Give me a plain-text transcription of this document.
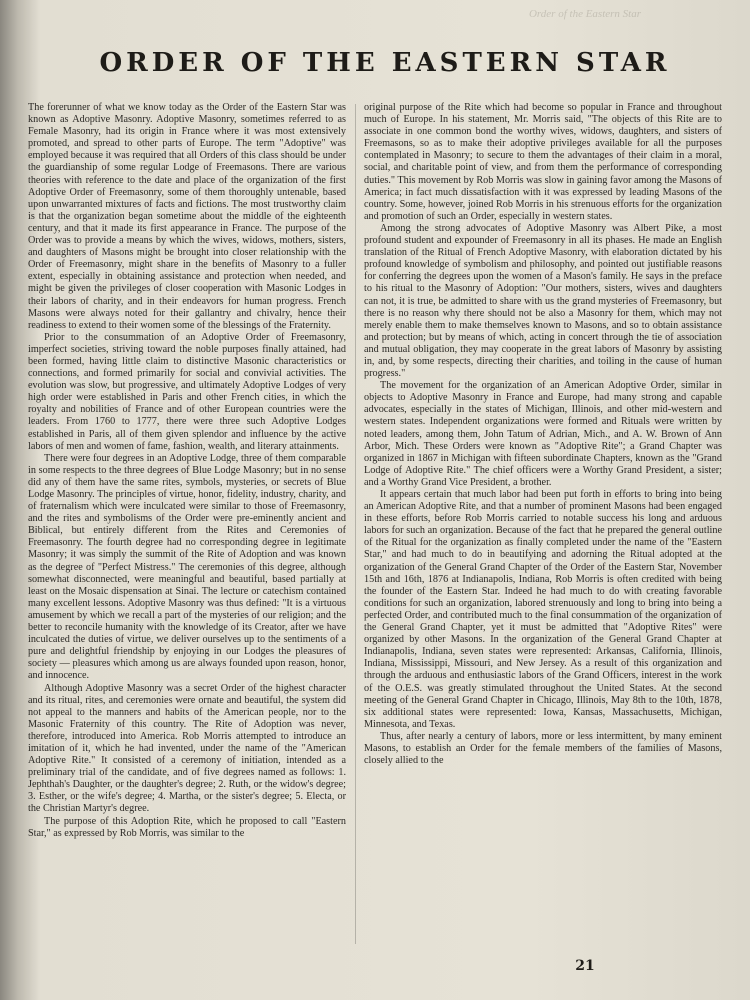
Order of the Eastern Star
ORDER OF THE EASTERN STAR

The forerunner of what we know today as the Order of the Eastern Star was known as Adoptive Masonry. Adoptive Masonry, sometimes referred to as Female Masonry, had its origin in France where it was most extensively promoted, and spread to other parts of Europe. The term "Adoptive" was employed because it was required that all Orders of this class should be under the guardianship of some regular Lodge of Freemasons. There are various theories with reference to the date and place of the organization of the first Adoptive Order of Freemasonry, some of them thoroughly untenable, based upon unwarranted mixtures of facts and fictions. The most trustworthy claim is that the organization began sometime about the middle of the eighteenth century, and that it made its first appearance in France. The purpose of the Order was to provide a means by which the wives, widows, mothers, sisters, and daughters of Masons might be brought into closer relationship with the Order of Freemasonry, might share in the benefits of Masonry to a fuller extent, especially in obtaining assistance and protection when needed, and might be given the privileges of closer cooperation with Masonic Lodges in their labors of charity, and in their endeavors for human progress. French Masons were always noted for their gallantry and chivalry, hence their readiness to extend to their women some of the blessings of the Fraternity.

Prior to the consummation of an Adoptive Order of Freemasonry, imperfect societies, striving toward the noble purposes finally attained, had been formed, having little claim to distinctive Masonic characteristics or connections, and formed primarily for social and convivial activities. The evolution was slow, but progressive, and ultimately Adoptive Lodges of very high order were established in Paris and other French cities, in which the royalty and nobilities of France and of other European countries were the leaders. From 1760 to 1777, there were three such Adoptive Lodges established in Paris, all of them given splendor and influence by the active labors of men and women of fame, fashion, wealth, and literary attainments.

There were four degrees in an Adoptive Lodge, three of them comparable in some respects to the three degrees of Blue Lodge Masonry; but in no sense did any of them have the same rites, symbols, mysteries, or secrets of Blue Lodge Masonry. The principles of virtue, honor, fidelity, industry, charity, and of fraternalism which were inculcated were similar to those of Freemasonry, and the rites and symbolisms of the Order were pre-eminently ancient and Biblical, but entirely different from the Rites and Ceremonies of Freemasonry. The fourth degree had no corresponding degree in legitimate Masonry; it was simply the summit of the Rite of Adoption and was known as the degree of "Perfect Mistress." The ceremonies of this degree, although somewhat disconnected, were meaningful and beautiful, based partially at least on the Mosaic dispensation at Sinai. The lecture or catechism contained many excellent lessons. Adoptive Masonry was thus defined: "It is a virtuous amusement by which we recall a part of the mysteries of our religion; and the better to reconcile humanity with the knowledge of its Creator, after we have inculcated the duties of virtue, we deliver ourselves up to the sentiments of a pure and delightful friendship by enjoying in our Lodges the pleasures of society — pleasures which among us are always founded upon reason, honor, and innocence.

Although Adoptive Masonry was a secret Order of the highest character and its ritual, rites, and ceremonies were ornate and beautiful, the system did not appeal to the manners and habits of the American people, nor to the Masonic Fraternity of this country. The Rite of Adoption was never, therefore, introduced into America. Rob Morris attempted to introduce an imitation of it, which he had invented, under the name of the "American Adoptive Rite." It consisted of a ceremony of initiation, intended as a preliminary trial of the candidate, and of five degrees named as follows: 1. Jephthah's Daughter, or the daughter's degree; 2. Ruth, or the widow's degree; 3. Esther, or the wife's degree; 4. Martha, or the sister's degree; 5. Electa, or the Christian Martyr's degree.

The purpose of this Adoption Rite, which he proposed to call "Eastern Star," as expressed by Rob Morris, was similar to the

original purpose of the Rite which had become so popular in France and throughout much of Europe. In his statement, Mr. Morris said, "The objects of this Rite are to associate in one common bond the worthy wives, widows, daughters, and sisters of Freemasons, so as to make their adoptive privileges available for all the purposes contemplated in Masonry; to secure to them the advantages of their claim in a moral, social, and charitable point of view, and from them the performance of corresponding duties." This movement by Rob Morris was slow in gaining favor among the Masons of America; in fact much dissatisfaction with it was expressed by leading Masons of the country. Some, however, joined Rob Morris in his strenuous efforts for the organization and promotion of such an Order, especially in western states.

Among the strong advocates of Adoptive Masonry was Albert Pike, a most profound student and expounder of Freemasonry in all its phases. He made an English translation of the Ritual of French Adoptive Masonry, with elaboration dictated by his profound knowledge of symbolism and philosophy, and pointed out justifiable reasons for conferring the degrees upon the women of a Mason's family. He says in the preface to his ritual to the Masonry of Adoption: "Our mothers, sisters, wives and daughters can not, it is true, be admitted to share with us the grand mysteries of Freemasonry, but there is no reason why there should not be also a Masonry for them, which may not merely enable them to make themselves known to Masons, and so to obtain assistance and protection; but by means of which, acting in concert through the tie of association and mutual obligation, they may cooperate in the great labors of Masonry by assisting in, and, by some respects, directing their charities, and toiling in the cause of human progress."

The movement for the organization of an American Adoptive Order, similar in objects to Adoptive Masonry in France and Europe, had many strong and capable advocates, especially in the states of Michigan, Illinois, and other mid-western and western states. Independent organizations were formed and Rituals were written by noted leaders, among them, John Tatum of Adrian, Mich., and A. W. Brown of Ann Arbor, Mich. These Orders were known as "Adoptive Rite"; a Grand Chapter was organized in 1867 in Michigan with fifteen subordinate Chapters, known as the "Grand Lodge of Adoptive Rite." The chief officers were a Worthy Grand President, a sister; and a Worthy Grand Vice President, a brother.

It appears certain that much labor had been put forth in efforts to bring into being an American Adoptive Rite, and that a number of prominent Masons had been engaged in these efforts, before Rob Morris carried to notable success his long and arduous labors for such an organization. Because of the fact that he prepared the general outline of the Ritual for the organization as finally completed under the name of the "Eastern Star," and had much to do in beautifying and adorning the Ritual adopted at the organization of the General Grand Chapter of the Order of the Eastern Star, November 15th and 16th, 1876 at Indianapolis, Indiana, Rob Morris is often credited with being the founder of the Eastern Star. Indeed he had much to do with creating favorable conditions for such an organization, labored strenuously and long to bring into being a perfected Order, and contributed much to the final consummation of the organization of the General Grand Chapter, yet it must be admitted that "Adoptive Rites" were organized by other Masons. In the organization of the General Grand Chapter at Indianapolis, Indiana, seven states were represented: Arkansas, California, Illinois, Indiana, Mississippi, Missouri, and New Jersey. As a result of this organization and through the arduous and enthusiastic labors of the Grand Officers, interest in the work of the O.E.S. was greatly stimulated throughout the United States. At the second meeting of the General Grand Chapter in Chicago, Illinois, May 8th to the 10th, 1878, six additional states were represented: Iowa, Kansas, Massachusetts, Michigan, Minnesota, and Texas.

Thus, after nearly a century of labors, more or less intermittent, by many eminent Masons, to establish an Order for the female members of the families of Masons, closely allied to the

21
